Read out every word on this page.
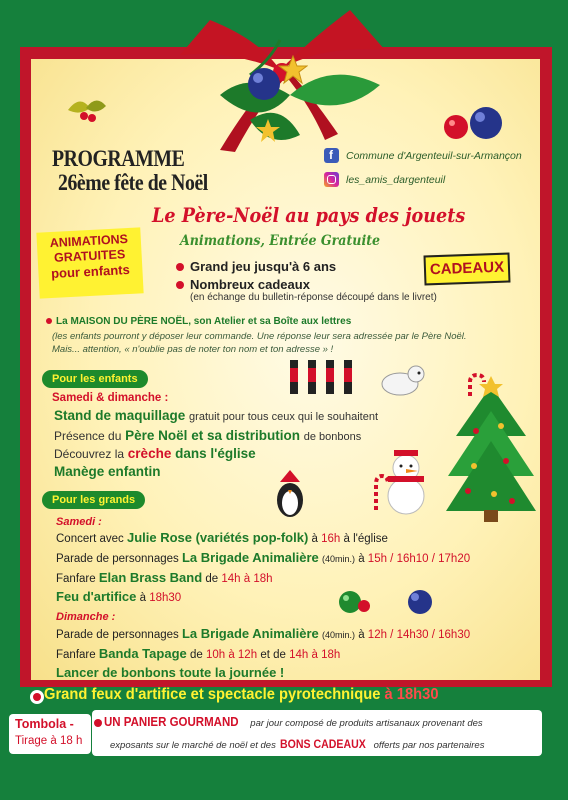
PROGRAMME
26ème fête de Noël
f Commune d'Argenteuil-sur-Armançon
les_amis_dargenteuil
Le Père-Noël au pays des jouets
Animations, Entrée Gratuite
ANIMATIONS
GRATUITES
pour enfants	CADEAUX
Grand jeu jusqu'à 6 ans
Nombreux cadeaux
(en échange du bulletin-réponse découpé dans le livret)
La MAISON DU PÈRE NOËL, son Atelier et sa Boîte aux lettres
(les enfants pourront y déposer leur commande. Une réponse leur sera adressée par le Père Noël. Mais... attention, « n'oublie pas de noter ton nom et ton adresse » !
Pour les enfants
Samedi & dimanche :
Stand de maquillage gratuit pour tous ceux qui le souhaitent
Présence du Père Noël et sa distribution de bonbons
Découvrez la crèche dans l'église
Manège enfantin
Pour les grands
Samedi :
Concert avec Julie Rose (variétés pop-folk) à 16h à l'église
Parade de personnages La Brigade Animalière (40min.) à 15h / 16h10 / 17h20
Fanfare Elan Brass Band de 14h à 18h
Feu d'artifice à 18h30
Dimanche :
Parade de personnages La Brigade Animalière (40min.) à 12h / 14h30 / 16h30
Fanfare Banda Tapage de 10h à 12h et de 14h à 18h
Lancer de bonbons toute la journée !
Grand feux d'artifice et spectacle pyrotechnique à 18h30
Tombola -
Tirage à 18 h
UN PANIER GOURMAND par jour composé de produits artisanaux provenant des
exposants sur le marché de noël et des BONS CADEAUX offerts par nos partenaires
